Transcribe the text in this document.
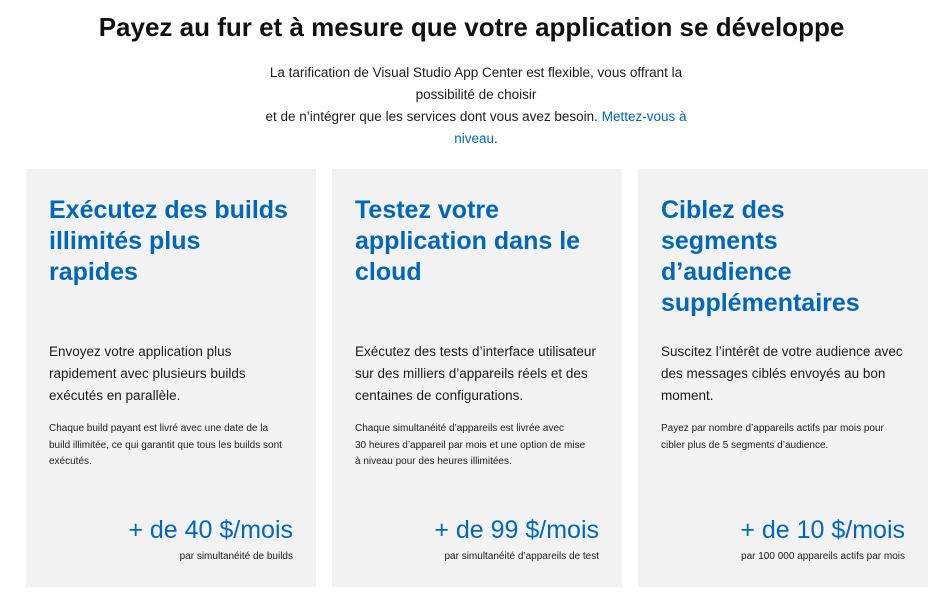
Payez au fur et à mesure que votre application se développe

La tarification de Visual Studio App Center est flexible, vous offrant la
possibilité de choisir
et de n’intégrer que les services dont vous avez besoin. Mettez-vous à
niveau.

Exécutez des builds
illimités plus
rapides

Envoyez votre application plus
rapidement avec plusieurs builds
exécutés en parallèle.

Chaque build payant est livré avec une date de la
build illimitée, ce qui garantit que tous les builds sont
exécutés.

+ de 40 $/mois

par simultanéité de builds

Testez votre
application dans le
cloud

Exécutez des tests d’interface utilisateur
sur des milliers d’appareils réels et des
centaines de configurations.

Chaque simultanéité d’appareils est livrée avec
30 heures d’appareil par mois et une option de mise
à niveau pour des heures illimitées.

+ de 99 $/mois

par simultanéité d’appareils de test

Ciblez des
segments
d’audience
supplémentaires

Suscitez l’intérêt de votre audience avec
des messages ciblés envoyés au bon
moment.

Payez par nombre d’appareils actifs par mois pour
cibler plus de 5 segments d’audience.

+ de 10 $/mois

par 100 000 appareils actifs par mois
